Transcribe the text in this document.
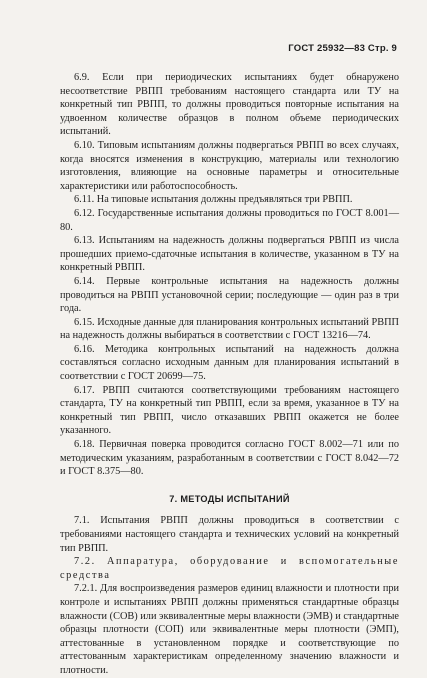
ГОСТ 25932—83 Стр. 9

6.9. Если при периодических испытаниях будет обнаружено несоответствие РВПП требованиям настоящего стандарта или ТУ на конкретный тип РВПП, то должны проводиться повторные испытания на удвоенном количестве образцов в полном объеме периодических испытаний.

6.10. Типовым испытаниям должны подвергаться РВПП во всех случаях, когда вносятся изменения в конструкцию, материалы или технологию изготовления, влияющие на основные параметры и относительные характеристики или работоспособность.

6.11. На типовые испытания должны предъявляться три РВПП.

6.12. Государственные испытания должны проводиться по ГОСТ 8.001—80.

6.13. Испытаниям на надежность должны подвергаться РВПП из числа прошедших приемо-сдаточные испытания в количестве, указанном в ТУ на конкретный РВПП.

6.14. Первые контрольные испытания на надежность должны проводиться на РВПП установочной серии; последующие — один раз в три года.

6.15. Исходные данные для планирования контрольных испытаний РВПП на надежность должны выбираться в соответствии с ГОСТ 13216—74.

6.16. Методика контрольных испытаний на надежность должна составляться согласно исходным данным для планирования испытаний в соответствии с ГОСТ 20699—75.

6.17. РВПП считаются соответствующими требованиям настоящего стандарта, ТУ на конкретный тип РВПП, если за время, указанное в ТУ на конкретный тип РВПП, число отказавших РВПП окажется не более указанного.

6.18. Первичная поверка проводится согласно ГОСТ 8.002—71 или по методическим указаниям, разработанным в соответствии с ГОСТ 8.042—72 и ГОСТ 8.375—80.

7. МЕТОДЫ ИСПЫТАНИЙ

7.1. Испытания РВПП должны проводиться в соответствии с требованиями настоящего стандарта и технических условий на конкретный тип РВПП.

7.2. Аппаратура, оборудование и вспомогательные средства

7.2.1. Для воспроизведения размеров единиц влажности и плотности при контроле и испытаниях РВПП должны применяться стандартные образцы влажности (СОВ) или эквивалентные меры влажности (ЭМВ) и стандартные образцы плотности (СОП) или эквивалентные меры плотности (ЭМП), аттестованные в установленном порядке и соответствующие по аттестованным характеристикам определенному значению влажности и плотности.
